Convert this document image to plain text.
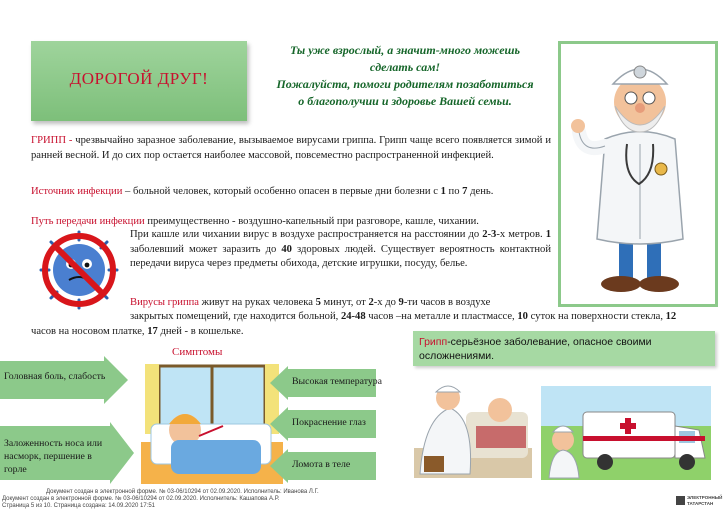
ДОРОГОЙ ДРУГ!
Ты уже взрослый, а значит-много можешь
сделать сам!
Пожалуйста, помоги родителям позаботиться
о благополучии и здоровье Вашей семьи.

ГРИПП - чрезвычайно заразное заболевание, вызываемое вирусами гриппа. Грипп чаще всего появляется зимой и ранней весной. И до сих пор остается наиболее массовой, повсеместно распространенной инфекцией.

Источник инфекции – больной человек, который особенно опасен в первые дни болезни с 1 по 7 день.

Путь передачи инфекции преимущественно - воздушно-капельный при разговоре, кашле, чихании.

При кашле или чихании вирус в воздухе распространяется на расстоянии до 2-3-х метров. 1 заболевший может заразить до 40 здоровых людей. Существует вероятность контактной передачи вируса через предметы обихода, детские игрушки, посуду, белье.

Вирусы гриппа живут на руках человека 5 минут, от 2-х до 9-ти часов в воздухе

закрытых помещений, где находится больной, 24-48 часов –на металле и пластмассе, 10 суток на поверхности стекла, 12 часов на носовом платке, 17 дней - в кошельке.

Грипп-серьёзное заболевание, опасное своими осложнениями.
Симптомы
Головная боль, слабость
Заложенность носа или насморк, першение в горле
Высокая температура
Покраснение глаз
Ломота в теле
Документ создан в электронной форме. № 03-06/10294 от 02.09.2020. Исполнитель: Иванова Л.Г.
Документ создан в электронной форме. № 03-06/10294 от 02.09.2020. Исполнитель: Кашапова А.Р.
Страница 5 из 10. Страница создана: 14.09.2020 17:51
ЭЛЕКТРОННЫЙ
ТАТАРСТАН
